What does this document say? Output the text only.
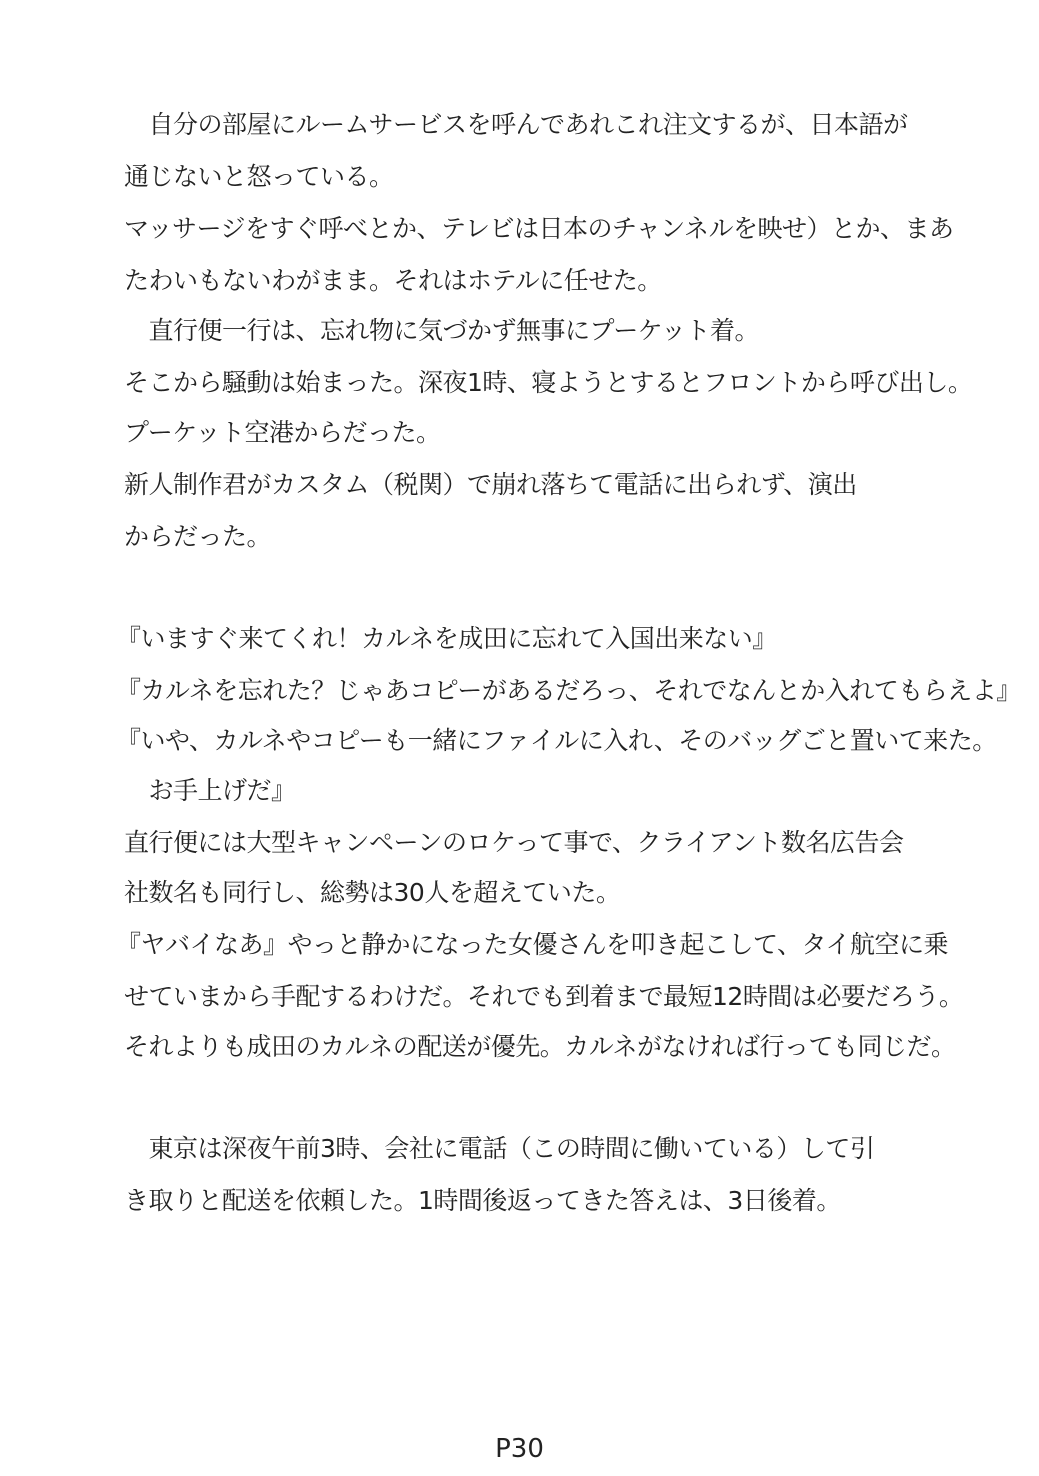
　自分の部屋にルームサービスを呼んであれこれ注文するが、日本語が
通じないと怒っている。
マッサージをすぐ呼べとか、テレビは日本のチャンネルを映せ）とか、まあ
たわいもないわがまま。それはホテルに任せた。
　直行便一行は、忘れ物に気づかず無事にプーケット着。
そこから騒動は始まった。深夜1時、寝ようとするとフロントから呼び出し。
プーケット空港からだった。
新人制作君がカスタム（税関）で崩れ落ちて電話に出られず、演出
からだった。
『いますぐ来てくれ！カルネを成田に忘れて入国出来ない』
『カルネを忘れた？じゃあコピーがあるだろっ、それでなんとか入れてもらえよ』
『いや、カルネやコピーも一緒にファイルに入れ、そのバッグごと置いて来た。
　お手上げだ』
直行便には大型キャンペーンのロケって事で、クライアント数名広告会
社数名も同行し、総勢は30人を超えていた。
『ヤバイなあ』やっと静かになった女優さんを叩き起こして、タイ航空に乗
せていまから手配するわけだ。それでも到着まで最短12時間は必要だろう。
それよりも成田のカルネの配送が優先。カルネがなければ行っても同じだ。
　東京は深夜午前3時、会社に電話（この時間に働いている）して引
き取りと配送を依頼した。1時間後返ってきた答えは、3日後着。
P30
